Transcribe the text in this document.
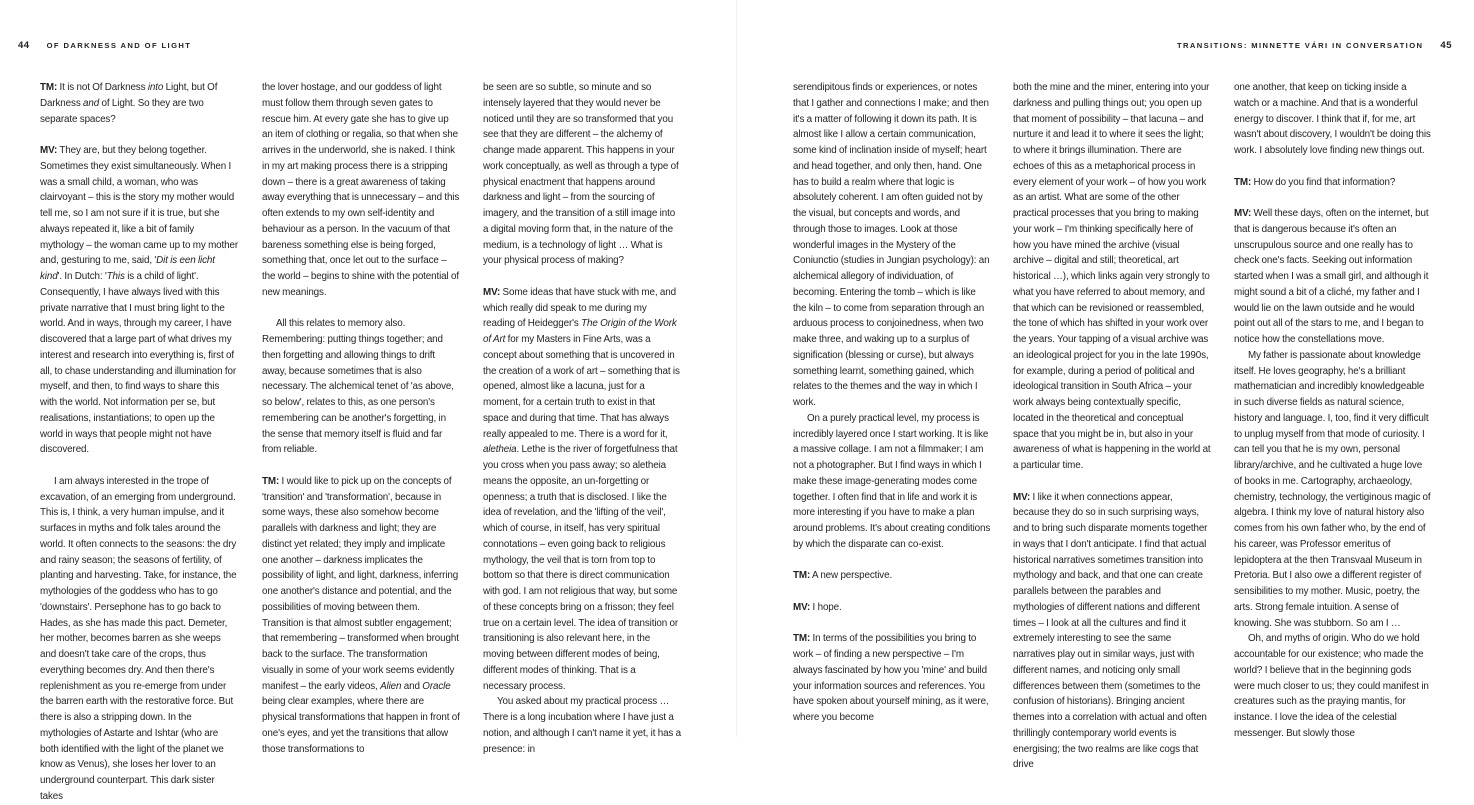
44 OF DARKNESS AND OF LIGHT

TM: It is not Of Darkness into Light, but Of Darkness and of Light. So they are two separate spaces?

MV: They are, but they belong together. Sometimes they exist simultaneously. When I was a small child, a woman, who was clairvoyant – this is the story my mother would tell me, so I am not sure if it is true, but she always repeated it, like a bit of family mythology – the woman came up to my mother and, gesturing to me, said, 'Dit is een licht kind'. In Dutch: 'This is a child of light'. Consequently, I have always lived with this private narrative that I must bring light to the world. And in ways, through my career, I have discovered that a large part of what drives my interest and research into everything is, first of all, to chase understanding and illumination for myself, and then, to find ways to share this with the world. Not information per se, but realisations, instantiations; to open up the world in ways that people might not have discovered.

I am always interested in the trope of excavation, of an emerging from underground. This is, I think, a very human impulse, and it surfaces in myths and folk tales around the world. It often connects to the seasons: the dry and rainy season; the seasons of fertility, of planting and harvesting. Take, for instance, the mythologies of the goddess who has to go 'downstairs'. Persephone has to go back to Hades, as she has made this pact. Demeter, her mother, becomes barren as she weeps and doesn't take care of the crops, thus everything becomes dry. And then there's replenishment as you re-emerge from under the barren earth with the restorative force. But there is also a stripping down. In the mythologies of Astarte and Ishtar (who are both identified with the light of the planet we know as Venus), she loses her lover to an underground counterpart. This dark sister takes

the lover hostage, and our goddess of light must follow them through seven gates to rescue him. At every gate she has to give up an item of clothing or regalia, so that when she arrives in the underworld, she is naked. I think in my art making process there is a stripping down – there is a great awareness of taking away everything that is unnecessary – and this often extends to my own self-identity and behaviour as a person. In the vacuum of that bareness something else is being forged, something that, once let out to the surface – the world – begins to shine with the potential of new meanings.

All this relates to memory also. Remembering: putting things together; and then forgetting and allowing things to drift away, because sometimes that is also necessary. The alchemical tenet of 'as above, so below', relates to this, as one person's remembering can be another's forgetting, in the sense that memory itself is fluid and far from reliable.

TM: I would like to pick up on the concepts of 'transition' and 'transformation', because in some ways, these also somehow become parallels with darkness and light; they are distinct yet related; they imply and implicate one another – darkness implicates the possibility of light, and light, darkness, inferring one another's distance and potential, and the possibilities of moving between them. Transition is that almost subtler engagement; that remembering – transformed when brought back to the surface. The transformation visually in some of your work seems evidently manifest – the early videos, Alien and Oracle being clear examples, where there are physical transformations that happen in front of one's eyes, and yet the transitions that allow those transformations to

be seen are so subtle, so minute and so intensely layered that they would never be noticed until they are so transformed that you see that they are different – the alchemy of change made apparent. This happens in your work conceptually, as well as through a type of physical enactment that happens around darkness and light – from the sourcing of imagery, and the transition of a still image into a digital moving form that, in the nature of the medium, is a technology of light … What is your physical process of making?

MV: Some ideas that have stuck with me, and which really did speak to me during my reading of Heidegger's The Origin of the Work of Art for my Masters in Fine Arts, was a concept about something that is uncovered in the creation of a work of art – something that is opened, almost like a lacuna, just for a moment, for a certain truth to exist in that space and during that time. That has always really appealed to me. There is a word for it, aletheia. Lethe is the river of forgetfulness that you cross when you pass away; so aletheia means the opposite, an un-forgetting or openness; a truth that is disclosed. I like the idea of revelation, and the 'lifting of the veil', which of course, in itself, has very spiritual connotations – even going back to religious mythology, the veil that is torn from top to bottom so that there is direct communication with god. I am not religious that way, but some of these concepts bring on a frisson; they feel true on a certain level. The idea of transition or transitioning is also relevant here, in the moving between different modes of being, different modes of thinking. That is a necessary process.

You asked about my practical process … There is a long incubation where I have just a notion, and although I can't name it yet, it has a presence: in

TRANSITIONS: MINNETTE VÁRI IN CONVERSATION 45

serendipitous finds or experiences, or notes that I gather and connections I make; and then it's a matter of following it down its path. It is almost like I allow a certain communication, some kind of inclination inside of myself; heart and head together, and only then, hand. One has to build a realm where that logic is absolutely coherent. I am often guided not by the visual, but concepts and words, and through those to images. Look at those wonderful images in the Mystery of the Coniunctio (studies in Jungian psychology): an alchemical allegory of individuation, of becoming. Entering the tomb – which is like the kiln – to come from separation through an arduous process to conjoinedness, when two make three, and waking up to a surplus of signification (blessing or curse), but always something learnt, something gained, which relates to the themes and the way in which I work.

On a purely practical level, my process is incredibly layered once I start working. It is like a massive collage. I am not a filmmaker; I am not a photographer. But I find ways in which I make these image-generating modes come together. I often find that in life and work it is more interesting if you have to make a plan around problems. It's about creating conditions by which the disparate can co-exist.

TM: A new perspective.

MV: I hope.

TM: In terms of the possibilities you bring to work – of finding a new perspective – I'm always fascinated by how you 'mine' and build your information sources and references. You have spoken about yourself mining, as it were, where you become

both the mine and the miner, entering into your darkness and pulling things out; you open up that moment of possibility – that lacuna – and nurture it and lead it to where it sees the light; to where it brings illumination. There are echoes of this as a metaphorical process in every element of your work – of how you work as an artist. What are some of the other practical processes that you bring to making your work – I'm thinking specifically here of how you have mined the archive (visual archive – digital and still; theoretical, art historical …), which links again very strongly to what you have referred to about memory, and that which can be revisioned or reassembled, the tone of which has shifted in your work over the years. Your tapping of a visual archive was an ideological project for you in the late 1990s, for example, during a period of political and ideological transition in South Africa – your work always being contextually specific, located in the theoretical and conceptual space that you might be in, but also in your awareness of what is happening in the world at a particular time.

MV: I like it when connections appear, because they do so in such surprising ways, and to bring such disparate moments together in ways that I don't anticipate. I find that actual historical narratives sometimes transition into mythology and back, and that one can create parallels between the parables and mythologies of different nations and different times – I look at all the cultures and find it extremely interesting to see the same narratives play out in similar ways, just with different names, and noticing only small differences between them (sometimes to the confusion of historians). Bringing ancient themes into a correlation with actual and often thrillingly contemporary world events is energising; the two realms are like cogs that drive

one another, that keep on ticking inside a watch or a machine. And that is a wonderful energy to discover. I think that if, for me, art wasn't about discovery, I wouldn't be doing this work. I absolutely love finding new things out.

TM: How do you find that information?

MV: Well these days, often on the internet, but that is dangerous because it's often an unscrupulous source and one really has to check one's facts. Seeking out information started when I was a small girl, and although it might sound a bit of a cliché, my father and I would lie on the lawn outside and he would point out all of the stars to me, and I began to notice how the constellations move.

My father is passionate about knowledge itself. He loves geography, he's a brilliant mathematician and incredibly knowledgeable in such diverse fields as natural science, history and language. I, too, find it very difficult to unplug myself from that mode of curiosity. I can tell you that he is my own, personal library/archive, and he cultivated a huge love of books in me. Cartography, archaeology, chemistry, technology, the vertiginous magic of algebra. I think my love of natural history also comes from his own father who, by the end of his career, was Professor emeritus of lepidoptera at the then Transvaal Museum in Pretoria. But I also owe a different register of sensibilities to my mother. Music, poetry, the arts. Strong female intuition. A sense of knowing. She was stubborn. So am I …

Oh, and myths of origin. Who do we hold accountable for our existence; who made the world? I believe that in the beginning gods were much closer to us; they could manifest in creatures such as the praying mantis, for instance. I love the idea of the celestial messenger. But slowly those
